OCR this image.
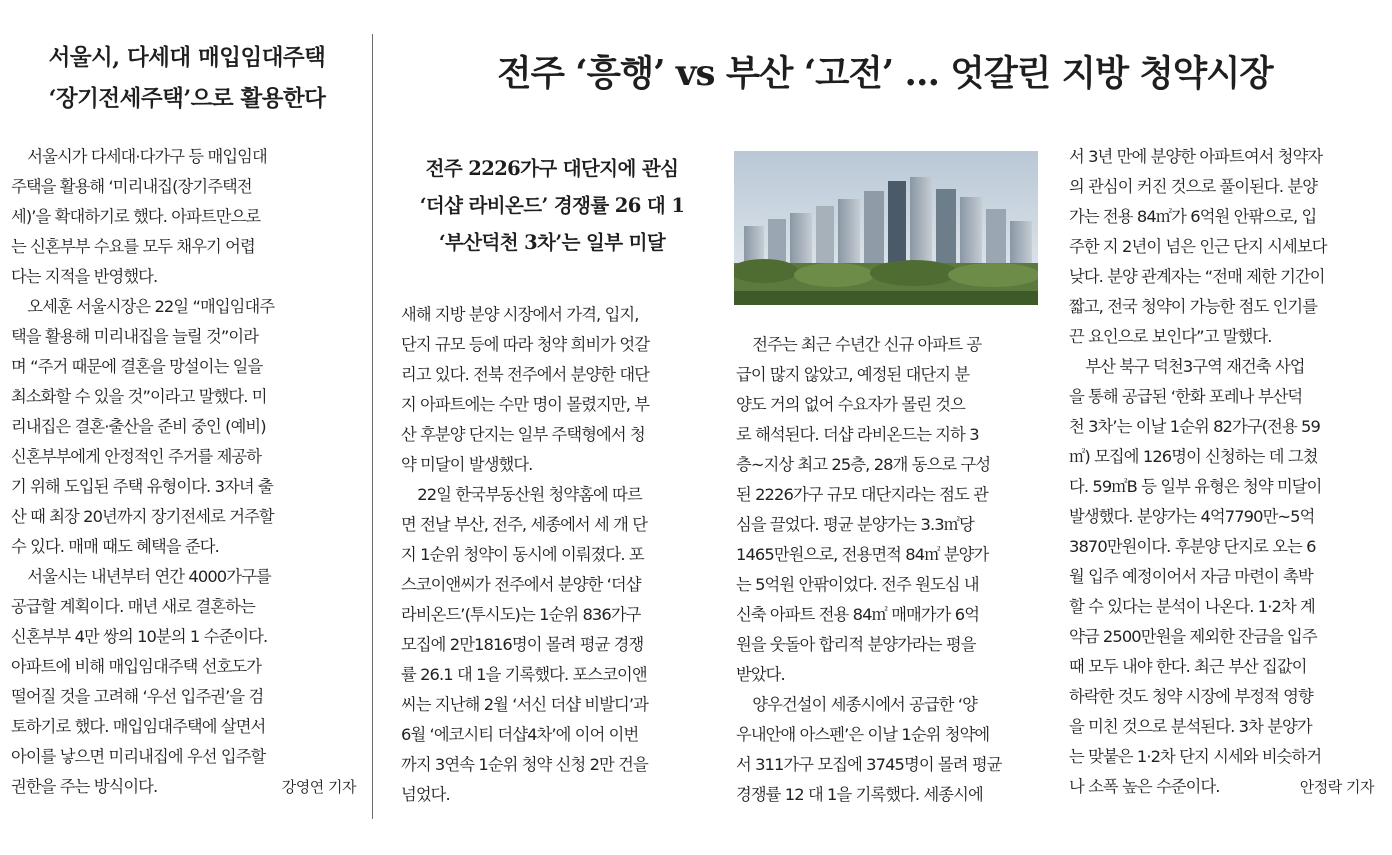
서울시, 다세대 매입임대주택
‘장기전세주택’으로 활용한다

서울시가 다세대·다가구 등 매입임대
주택을 활용해 ‘미리내집(장기주택전
세)’을 확대하기로 했다. 아파트만으로
는 신혼부부 수요를 모두 채우기 어렵
다는 지적을 반영했다.

오세훈 서울시장은 22일 “매입임대주
택을 활용해 미리내집을 늘릴 것”이라
며 “주거 때문에 결혼을 망설이는 일을
최소화할 수 있을 것”이라고 말했다. 미
리내집은 결혼·출산을 준비 중인 (예비)
신혼부부에게 안정적인 주거를 제공하
기 위해 도입된 주택 유형이다. 3자녀 출
산 때 최장 20년까지 장기전세로 거주할
수 있다. 매매 때도 혜택을 준다.

서울시는 내년부터 연간 4000가구를
공급할 계획이다. 매년 새로 결혼하는
신혼부부 4만 쌍의 10분의 1 수준이다.
아파트에 비해 매입임대주택 선호도가
떨어질 것을 고려해 ‘우선 입주권’을 검
토하기로 했다. 매입임대주택에 살면서
아이를 낳으면 미리내집에 우선 입주할
권한을 주는 방식이다.	강영연 기자

전주 ‘흥행’ vs 부산 ‘고전’ … 엇갈린 지방 청약시장
전주 2226가구 대단지에 관심
‘더샵 라비온드’ 경쟁률 26 대 1
‘부산덕천 3차’는 일부 미달

새해 지방 분양 시장에서 가격, 입지,
단지 규모 등에 따라 청약 희비가 엇갈
리고 있다. 전북 전주에서 분양한 대단
지 아파트에는 수만 명이 몰렸지만, 부
산 후분양 단지는 일부 주택형에서 청
약 미달이 발생했다.

22일 한국부동산원 청약홈에 따르
면 전날 부산, 전주, 세종에서 세 개 단
지 1순위 청약이 동시에 이뤄졌다. 포
스코이앤씨가 전주에서 분양한 ‘더샵
라비온드’(투시도)는 1순위 836가구
모집에 2만1816명이 몰려 평균 경쟁
률 26.1 대 1을 기록했다. 포스코이앤
씨는 지난해 2월 ‘서신 더샵 비발디’과
6월 ‘에코시티 더샵4차’에 이어 이번
까지 3연속 1순위 청약 신청 2만 건을
넘었다.

전주는 최근 수년간 신규 아파트 공
급이 많지 않았고, 예정된 대단지 분
양도 거의 없어 수요자가 몰린 것으
로 해석된다. 더샵 라비온드는 지하 3
층~지상 최고 25층, 28개 동으로 구성
된 2226가구 규모 대단지라는 점도 관
심을 끌었다. 평균 분양가는 3.3㎡당
1465만원으로, 전용면적 84㎡ 분양가
는 5억원 안팎이었다. 전주 원도심 내
신축 아파트 전용 84㎡ 매매가가 6억
원을 웃돌아 합리적 분양가라는 평을
받았다.

양우건설이 세종시에서 공급한 ‘양
우내안애 아스펜’은 이날 1순위 청약에
서 311가구 모집에 3745명이 몰려 평균
경쟁률 12 대 1을 기록했다. 세종시에

서 3년 만에 분양한 아파트여서 청약자
의 관심이 커진 것으로 풀이된다. 분양
가는 전용 84㎡가 6억원 안팎으로, 입
주한 지 2년이 넘은 인근 단지 시세보다
낮다. 분양 관계자는 “전매 제한 기간이
짧고, 전국 청약이 가능한 점도 인기를
끈 요인으로 보인다”고 말했다.

부산 북구 덕천3구역 재건축 사업
을 통해 공급된 ‘한화 포레나 부산덕
천 3차’는 이날 1순위 82가구(전용 59
㎡) 모집에 126명이 신청하는 데 그쳤
다. 59㎡B 등 일부 유형은 청약 미달이
발생했다. 분양가는 4억7790만~5억
3870만원이다. 후분양 단지로 오는 6
월 입주 예정이어서 자금 마련이 촉박
할 수 있다는 분석이 나온다. 1·2차 계
약금 2500만원을 제외한 잔금을 입주
때 모두 내야 한다. 최근 부산 집값이
하락한 것도 청약 시장에 부정적 영향
을 미친 것으로 분석된다. 3차 분양가
는 맞붙은 1·2차 단지 시세와 비슷하거
나 소폭 높은 수준이다.	안정락 기자
